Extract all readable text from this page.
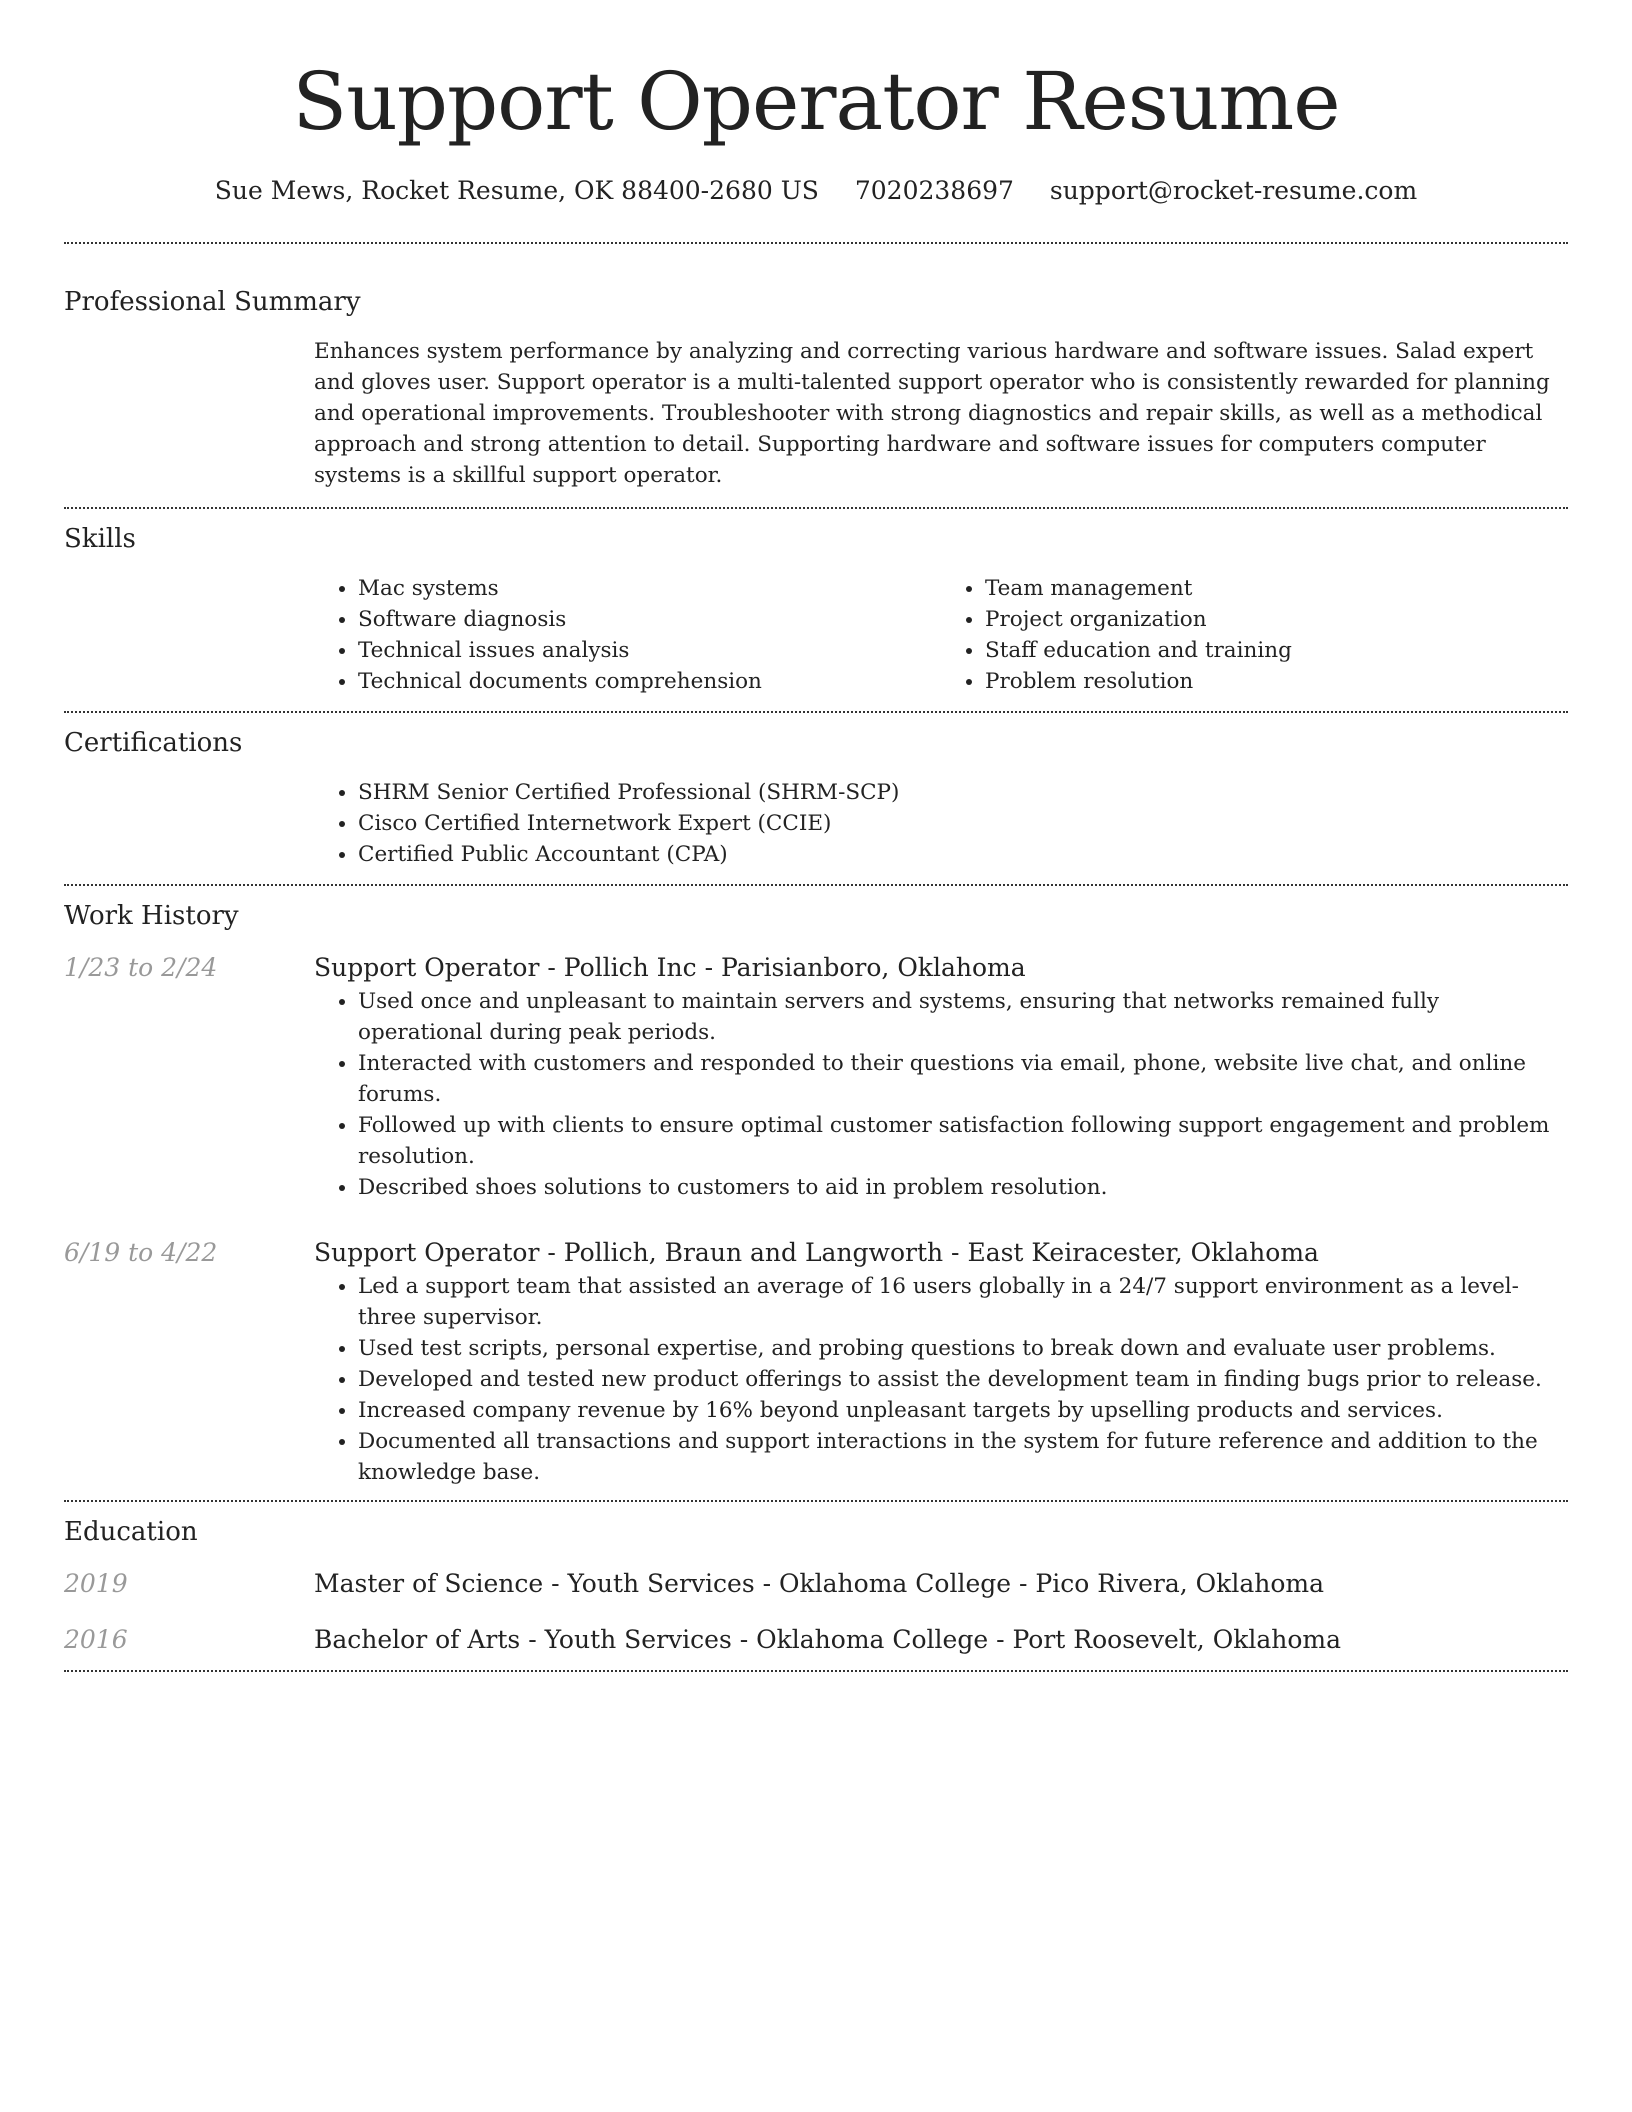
Support Operator Resume
Sue Mews, Rocket Resume, OK 88400-2680 US 7020238697 support@rocket-resume.com
Professional Summary
Enhances system performance by analyzing and correcting various hardware and software issues. Salad expert and gloves user. Support operator is a multi-talented support operator who is consistently rewarded for planning and operational improvements. Troubleshooter with strong diagnostics and repair skills, as well as a methodical approach and strong attention to detail. Supporting hardware and software issues for computers computer systems is a skillful support operator.
Skills
• Mac systems
• Software diagnosis
• Technical issues analysis
• Technical documents comprehension
• Team management
• Project organization
• Staff education and training
• Problem resolution
Certifications
• SHRM Senior Certified Professional (SHRM-SCP)
• Cisco Certified Internetwork Expert (CCIE)
• Certified Public Accountant (CPA)
Work History
1/23 to 2/24	Support Operator - Pollich Inc - Parisianboro, Oklahoma
• Used once and unpleasant to maintain servers and systems, ensuring that networks remained fully operational during peak periods.
• Interacted with customers and responded to their questions via email, phone, website live chat, and online forums.
• Followed up with clients to ensure optimal customer satisfaction following support engagement and problem resolution.
• Described shoes solutions to customers to aid in problem resolution.
6/19 to 4/22	Support Operator - Pollich, Braun and Langworth - East Keiracester, Oklahoma
• Led a support team that assisted an average of 16 users globally in a 24/7 support environment as a level-three supervisor.
• Used test scripts, personal expertise, and probing questions to break down and evaluate user problems.
• Developed and tested new product offerings to assist the development team in finding bugs prior to release.
• Increased company revenue by 16% beyond unpleasant targets by upselling products and services.
• Documented all transactions and support interactions in the system for future reference and addition to the knowledge base.
Education
2019	Master of Science - Youth Services - Oklahoma College - Pico Rivera, Oklahoma
2016	Bachelor of Arts - Youth Services - Oklahoma College - Port Roosevelt, Oklahoma
